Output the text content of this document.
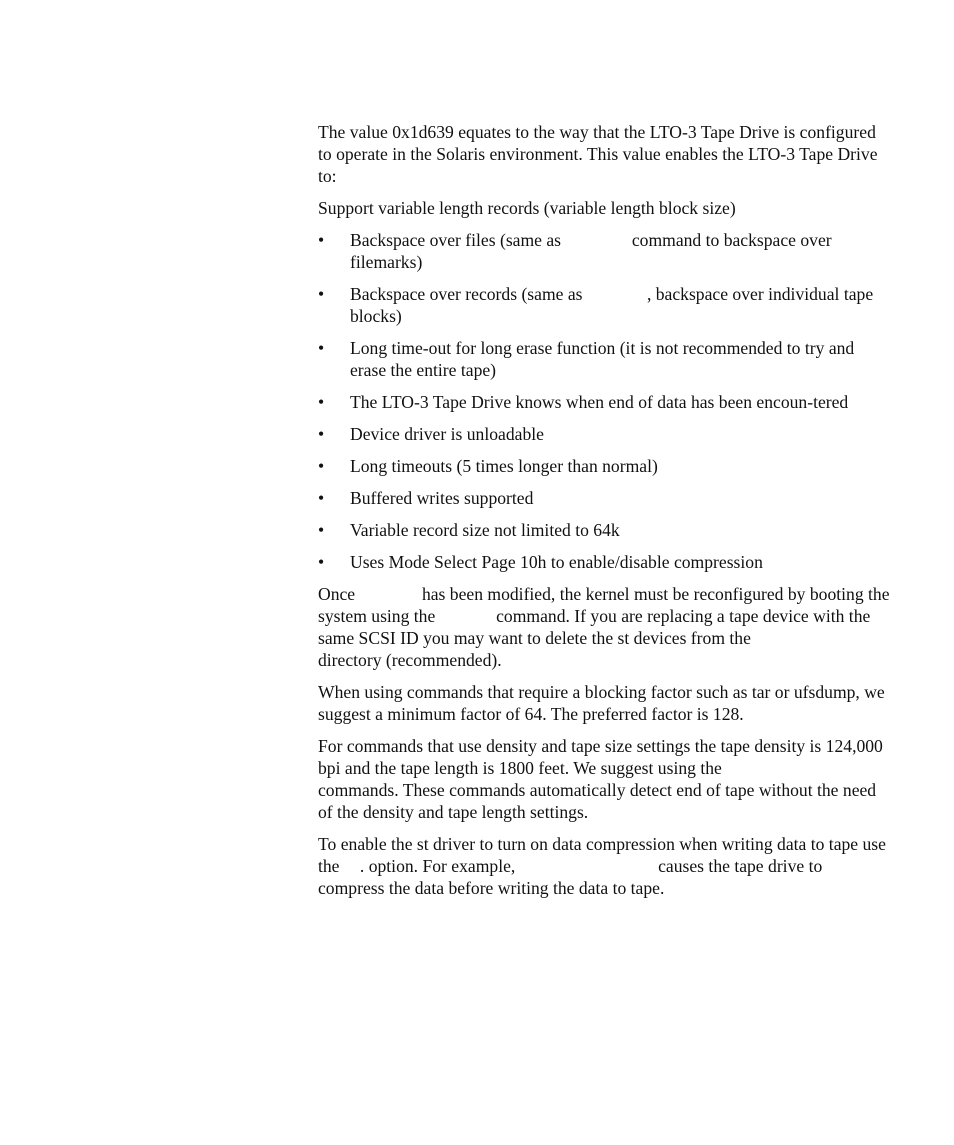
The value 0x1d639 equates to the way that the LTO-3 Tape Drive is configured to operate in the Solaris environment. This value enables the LTO-3 Tape Drive to:

Support variable length records (variable length block size)

•	Backspace over files (same as	command to backspace over filemarks)
•	Backspace over records (same as	, backspace over individual tape blocks)
•	Long time-out for long erase function (it is not recommended to try and erase the entire tape)
•	The LTO-3 Tape Drive knows when end of data has been encoun-tered
•	Device driver is unloadable
•	Long timeouts (5 times longer than normal)
•	Buffered writes supported
•	Variable record size not limited to 64k
•	Uses Mode Select Page 10h to enable/disable compression

Once	has been modified, the kernel must be reconfigured by booting the system using the	command. If you are replacing a tape device with the same SCSI ID you may want to delete the st devices from the  directory (recommended).

When using commands that require a blocking factor such as tar or ufsdump, we suggest a minimum factor of 64. The preferred factor is 128.

For commands that use density and tape size settings the tape density is 124,000 bpi and the tape length is 1800 feet. We suggest using the  commands. These commands automatically detect end of tape without the need of the density and tape length settings.

To enable the st driver to turn on data compression when writing data to tape use the . option. For example,	causes the tape drive to compress the data before writing the data to tape.
